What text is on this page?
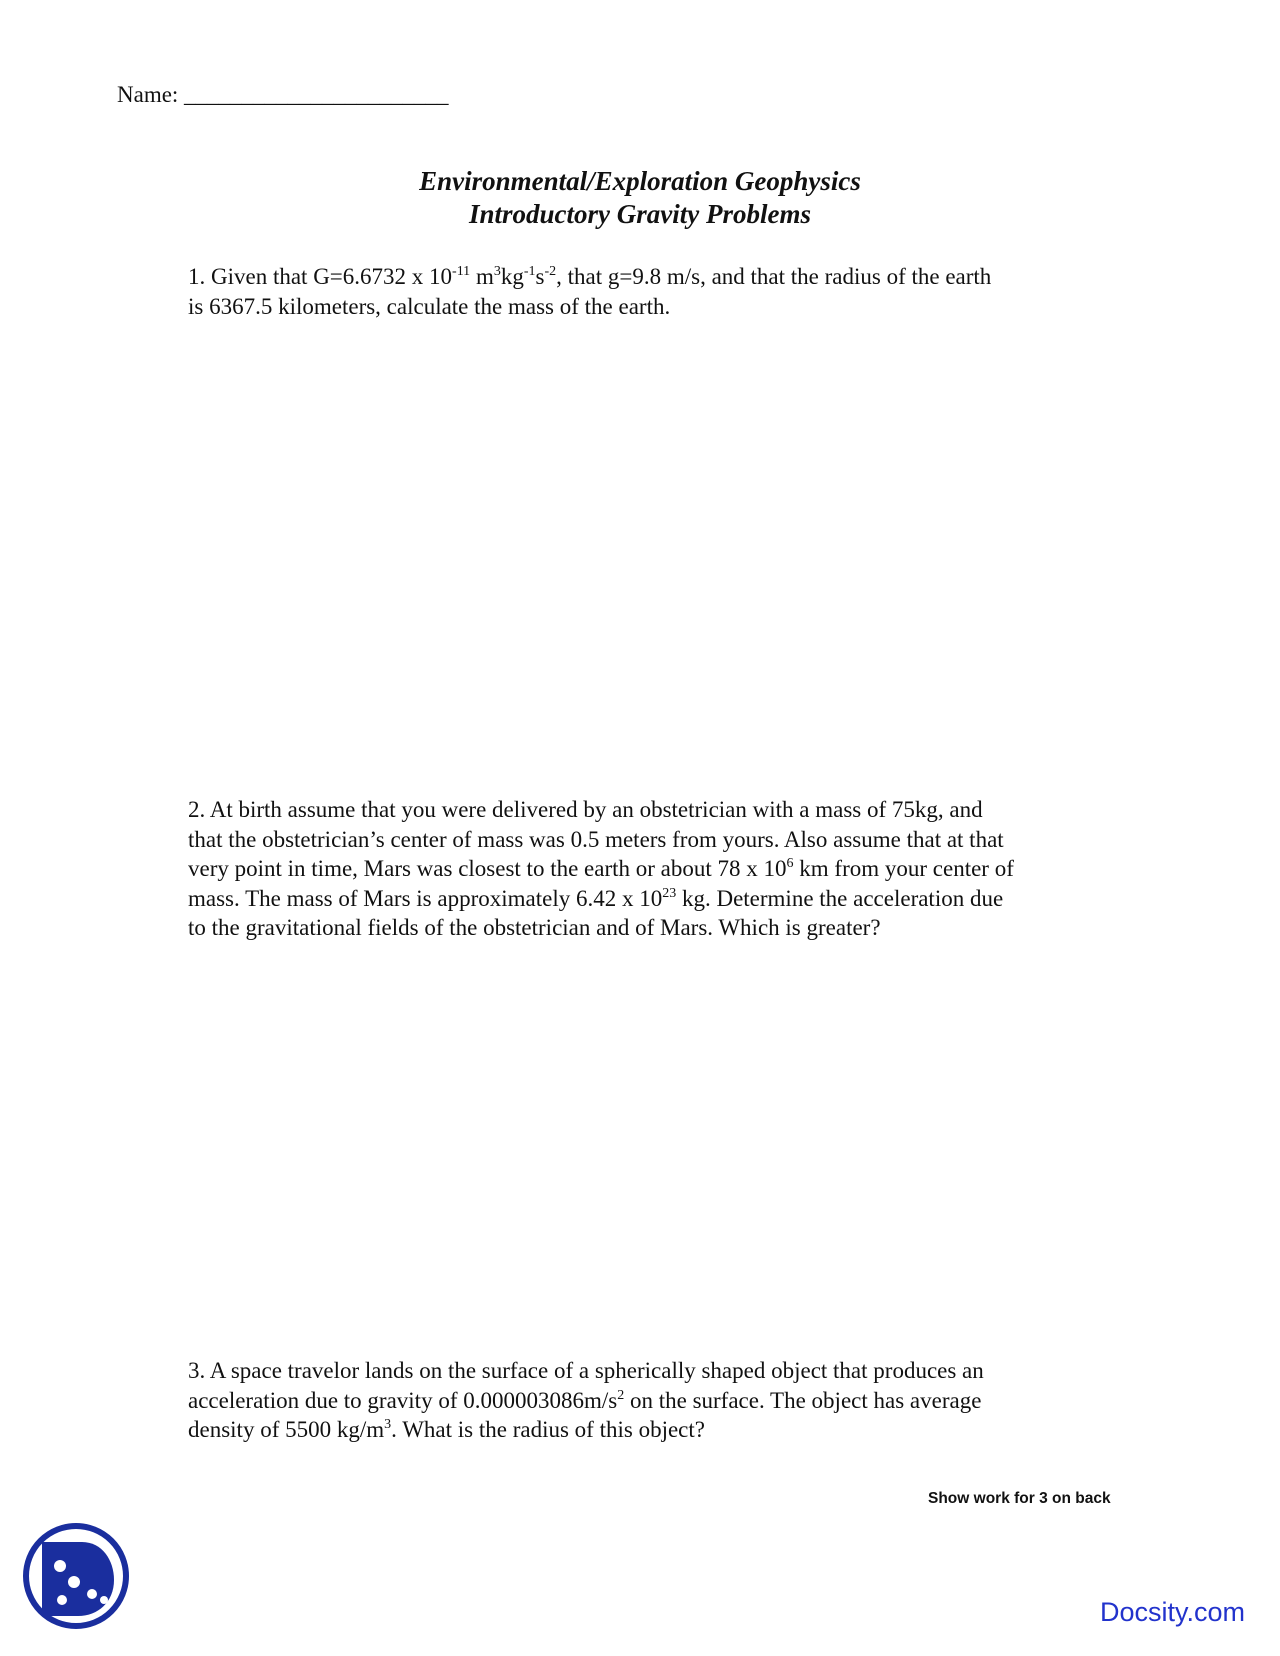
Name: _______________________
Environmental/Exploration Geophysics
Introductory Gravity Problems
1. Given that G=6.6732 x $10^{-11}$ $m^3kg^{-1}s^{-2}$, that g=9.8 m/s, and that the radius of the earth
is 6367.5 kilometers, calculate the mass of the earth.
2. At birth assume that you were delivered by an obstetrician with a mass of 75kg, and
that the obstetrician’s center of mass was 0.5 meters from yours. Also assume that at that
very point in time, Mars was closest to the earth or about 78 x $10^6$ km from your center of
mass. The mass of Mars is approximately 6.42 x $10^{23}$ kg. Determine the acceleration due
to the gravitational fields of the obstetrician and of Mars. Which is greater?
3. A space travelor lands on the surface of a spherically shaped object that produces an
acceleration due to gravity of $0.000003086m/s^2$ on the surface. The object has average
density of 5500 $kg/m^3$. What is the radius of this object?
Show work for 3 on back
Docsity.com
